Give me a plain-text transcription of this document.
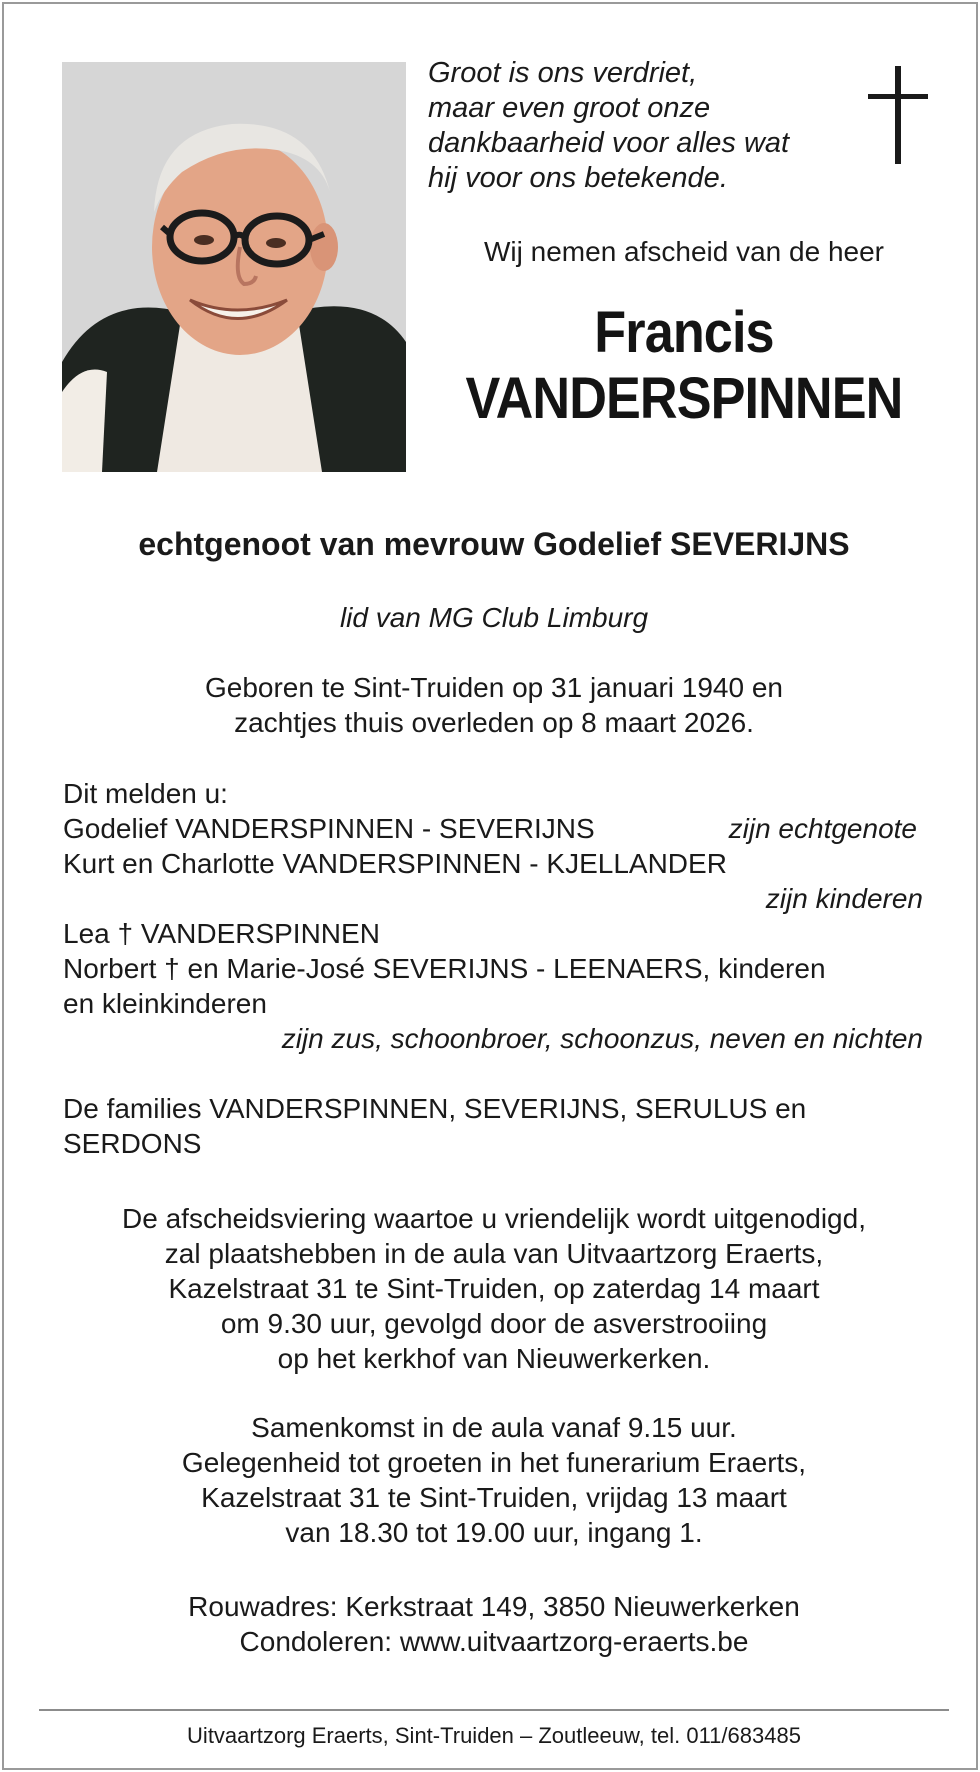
Groot is ons verdriet,
maar even groot onze
dankbaarheid voor alles wat
hij voor ons betekende.
Wij nemen afscheid van de heer
Francis
VANDERSPINNEN
echtgenoot van mevrouw Godelief SEVERIJNS
lid van MG Club Limburg
Geboren te Sint-Truiden op 31 januari 1940 en
zachtjes thuis overleden op 8 maart 2026.
Dit melden u:
Godelief VANDERSPINNEN - SEVERIJNS	zijn echtgenote
Kurt en Charlotte VANDERSPINNEN - KJELLANDER
zijn kinderen
Lea † VANDERSPINNEN
Norbert † en Marie-José SEVERIJNS - LEENAERS, kinderen
en kleinkinderen
zijn zus, schoonbroer, schoonzus, neven en nichten
De families VANDERSPINNEN, SEVERIJNS, SERULUS en
SERDONS
De afscheidsviering waartoe u vriendelijk wordt uitgenodigd,
zal plaatshebben in de aula van Uitvaartzorg Eraerts,
Kazelstraat 31 te Sint-Truiden, op zaterdag 14 maart
om 9.30 uur, gevolgd door de asverstrooiing
op het kerkhof van Nieuwerkerken.
Samenkomst in de aula vanaf 9.15 uur.
Gelegenheid tot groeten in het funerarium Eraerts,
Kazelstraat 31 te Sint-Truiden, vrijdag 13 maart
van 18.30 tot 19.00 uur, ingang 1.
Rouwadres: Kerkstraat 149, 3850 Nieuwerkerken
Condoleren: www.uitvaartzorg-eraerts.be
Uitvaartzorg Eraerts, Sint-Truiden – Zoutleeuw, tel. 011/683485
